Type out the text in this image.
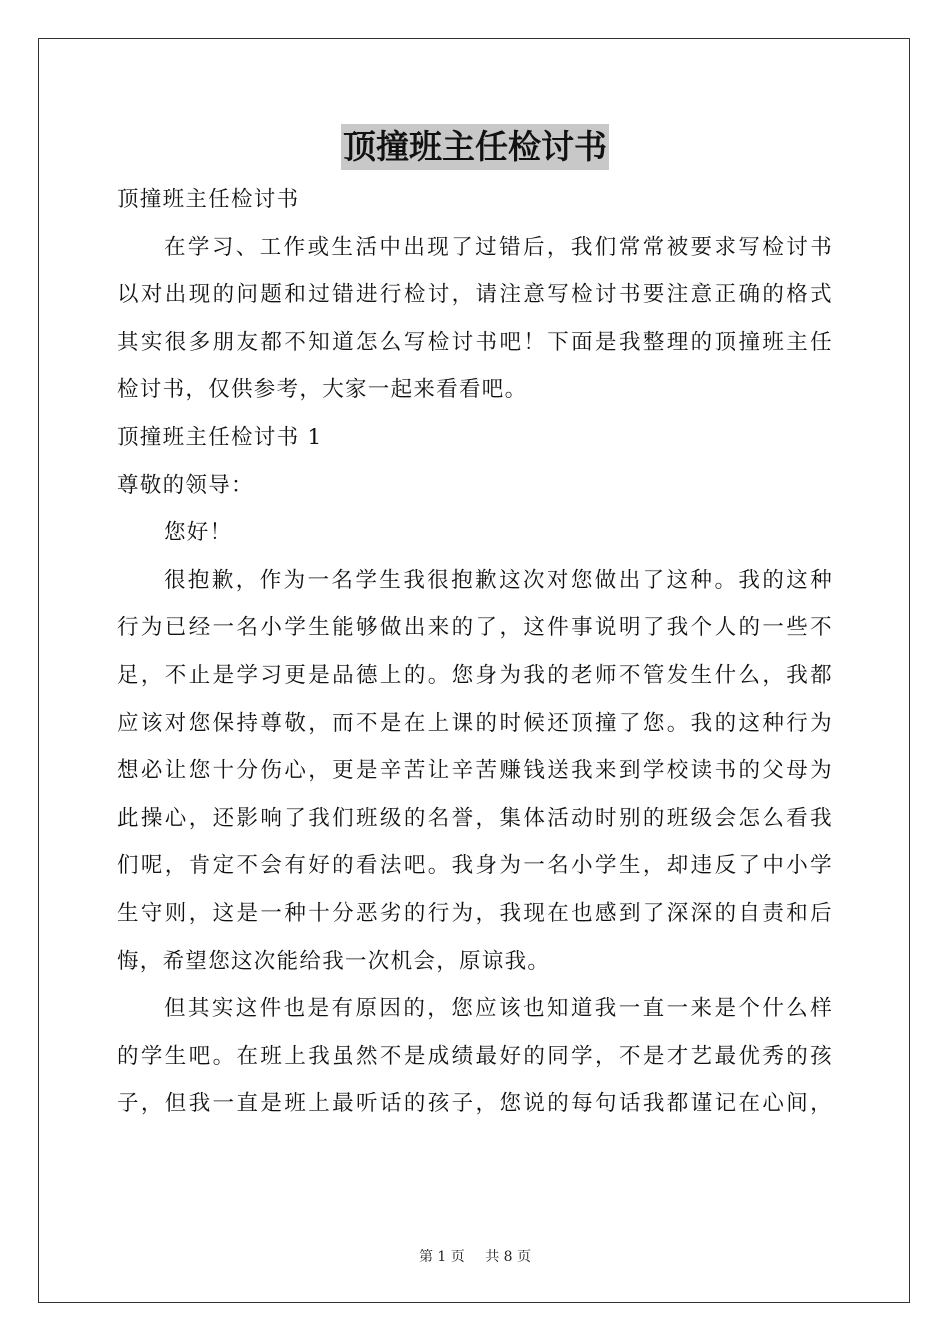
顶撞班主任检讨书
顶撞班主任检讨书
在学习、工作或生活中出现了过错后，我们常常被要求写检讨书
以对出现的问题和过错进行检讨，请注意写检讨书要注意正确的格式
其实很多朋友都不知道怎么写检讨书吧！下面是我整理的顶撞班主任
检讨书，仅供参考，大家一起来看看吧。
顶撞班主任检讨书 1
尊敬的领导：
您好！
很抱歉，作为一名学生我很抱歉这次对您做出了这种。我的这种
行为已经一名小学生能够做出来的了，这件事说明了我个人的一些不
足，不止是学习更是品德上的。您身为我的老师不管发生什么，我都
应该对您保持尊敬，而不是在上课的时候还顶撞了您。我的这种行为
想必让您十分伤心，更是辛苦让辛苦赚钱送我来到学校读书的父母为
此操心，还影响了我们班级的名誉，集体活动时别的班级会怎么看我
们呢，肯定不会有好的看法吧。我身为一名小学生，却违反了中小学
生守则，这是一种十分恶劣的行为，我现在也感到了深深的自责和后
悔，希望您这次能给我一次机会，原谅我。
但其实这件也是有原因的，您应该也知道我一直一来是个什么样
的学生吧。在班上我虽然不是成绩最好的同学，不是才艺最优秀的孩
子，但我一直是班上最听话的孩子，您说的每句话我都谨记在心间，
第 1 页 共 8 页
